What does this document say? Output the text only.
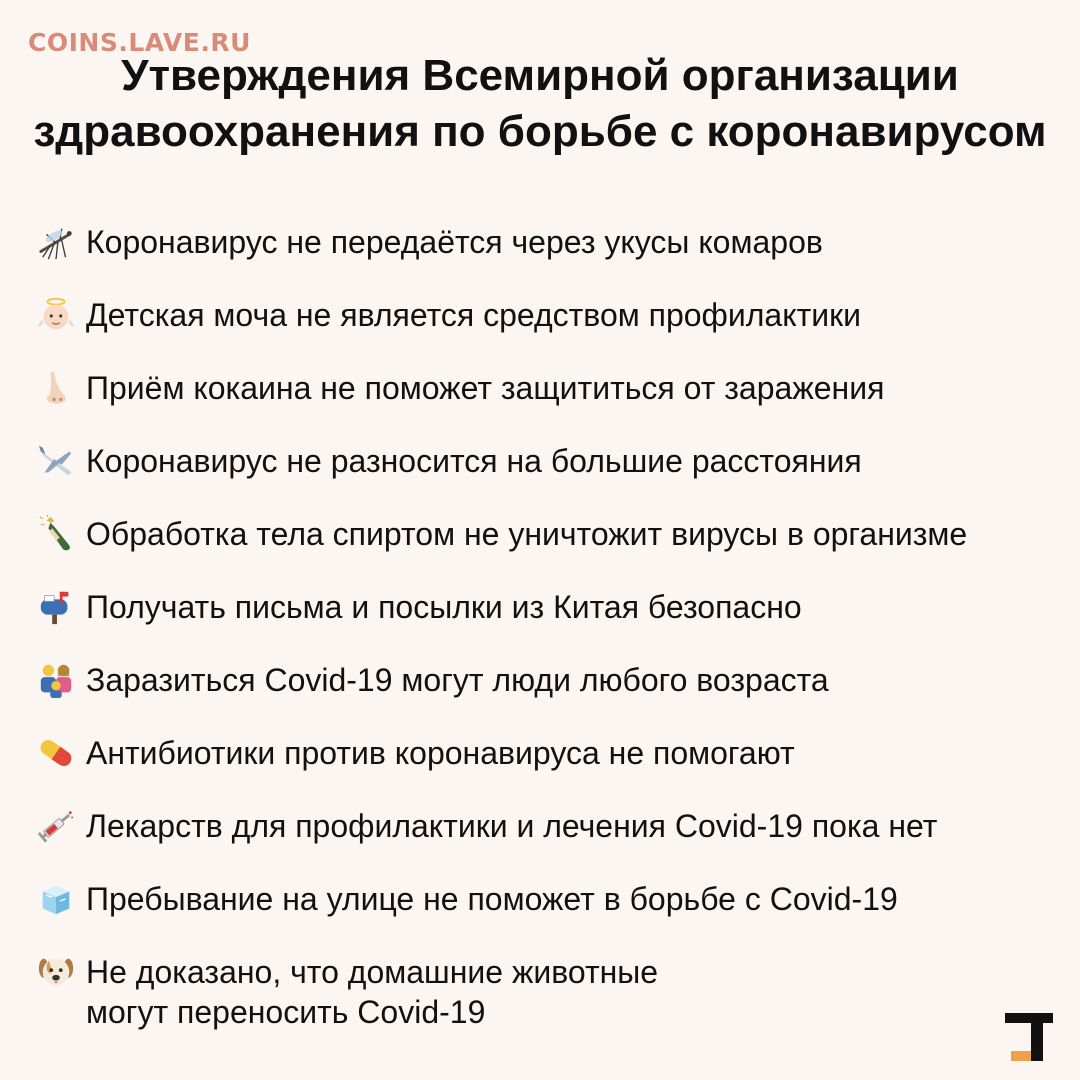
COINS.LAVE.RU
Утверждения Всемирной организации
здравоохранения по борьбе с коронавирусом
Коронавирус не передаётся через укусы комаров
Детская моча не является средством профилактики
Приём кокаина не поможет защититься от заражения
Коронавирус не разносится на большие расстояния
Обработка тела спиртом не уничтожит вирусы в организме
Получать письма и посылки из Китая безопасно
Заразиться Covid-19 могут люди любого возраста
Антибиотики против коронавируса не помогают
Лекарств для профилактики и лечения Covid-19 пока нет
Пребывание на улице не поможет в борьбе с Covid-19
Не доказано, что домашние животные
могут переносить Covid-19
